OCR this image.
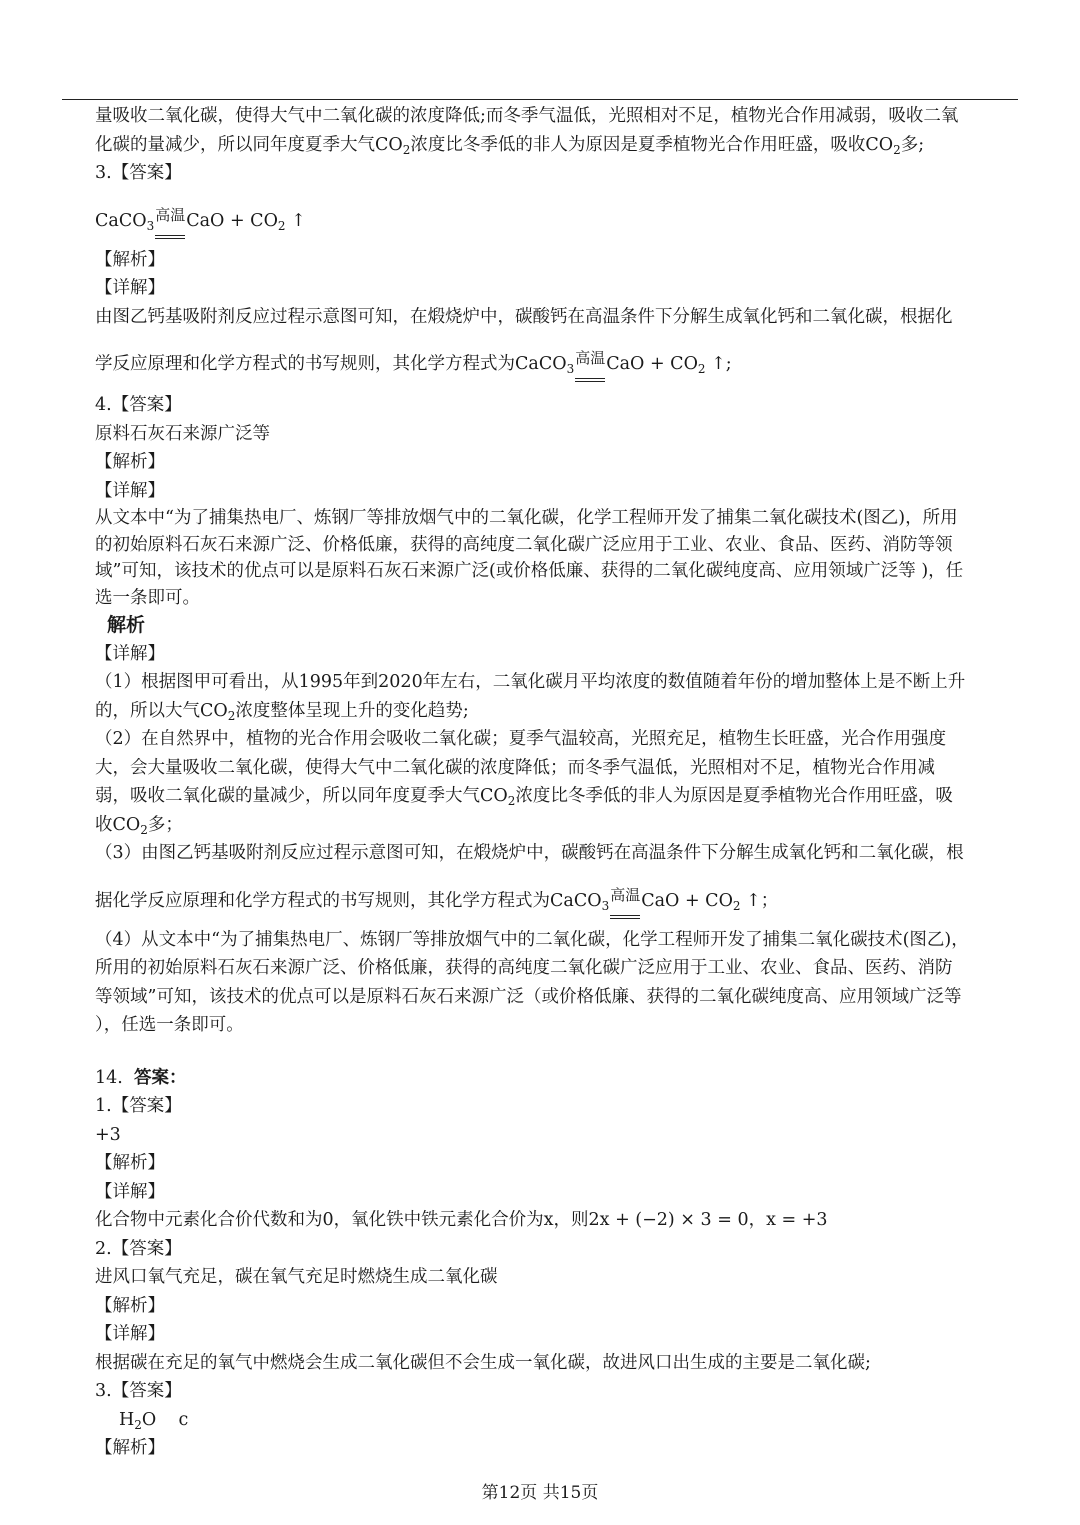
量吸收二氧化碳，使得大气中二氧化碳的浓度降低;而冬季气温低，光照相对不足，植物光合作用减弱，吸收二氧
化碳的量减少，所以同年度夏季大气$CO_2$浓度比冬季低的非人为原因是夏季植物光合作用旺盛，吸收$CO_2$多;
3.【答案】
CaCO$_3$高温CaO + $CO_2$ ↑
【解析】
【详解】
由图乙钙基吸附剂反应过程示意图可知，在煅烧炉中，碳酸钙在高温条件下分解生成氧化钙和二氧化碳，根据化
学反应原理和化学方程式的书写规则，其化学方程式为CaCO$_3$高温CaO + $CO_2$ ↑;
4.【答案】
原料石灰石来源广泛等
【解析】
【详解】
从文本中“为了捕集热电厂、炼钢厂等排放烟气中的二氧化碳，化学工程师开发了捕集二氧化碳技术(图乙)，所用
的初始原料石灰石来源广泛、价格低廉，获得的高纯度二氧化碳广泛应用于工业、农业、食品、医药、消防等领
域”可知，该技术的优点可以是原料石灰石来源广泛(或价格低廉、获得的二氧化碳纯度高、应用领域广泛等 )，任
选一条即可。
解析
【详解】
（1）根据图甲可看出，从1995年到2020年左右，二氧化碳月平均浓度的数值随着年份的增加整体上是不断上升
的，所以大气$CO_2$浓度整体呈现上升的变化趋势;
（2）在自然界中，植物的光合作用会吸收二氧化碳；夏季气温较高，光照充足，植物生长旺盛，光合作用强度
大，会大量吸收二氧化碳，使得大气中二氧化碳的浓度降低；而冬季气温低，光照相对不足，植物光合作用减
弱，吸收二氧化碳的量减少，所以同年度夏季大气$CO_2$浓度比冬季低的非人为原因是夏季植物光合作用旺盛，吸
收$CO_2$多；
（3）由图乙钙基吸附剂反应过程示意图可知，在煅烧炉中，碳酸钙在高温条件下分解生成氧化钙和二氧化碳，根
据化学反应原理和化学方程式的书写规则，其化学方程式为CaCO$_3$高温CaO + $CO_2$ ↑；
（4）从文本中“为了捕集热电厂、炼钢厂等排放烟气中的二氧化碳，化学工程师开发了捕集二氧化碳技术(图乙)，
所用的初始原料石灰石来源广泛、价格低廉，获得的高纯度二氧化碳广泛应用于工业、农业、食品、医药、消防
等领域”可知，该技术的优点可以是原料石灰石来源广泛（或价格低廉、获得的二氧化碳纯度高、应用领域广泛等
），任选一条即可。
14. 答案：
1.【答案】
+3
【解析】
【详解】
化合物中元素化合价代数和为0，氧化铁中铁元素化合价为x，则2x + (−2) × 3 = 0，x = +3
2.【答案】
进风口氧气充足，碳在氧气充足时燃烧生成二氧化碳
【解析】
【详解】
根据碳在充足的氧气中燃烧会生成二氧化碳但不会生成一氧化碳，故进风口出生成的主要是二氧化碳;
3.【答案】
$H_2O$ c
【解析】
第12页 共15页
